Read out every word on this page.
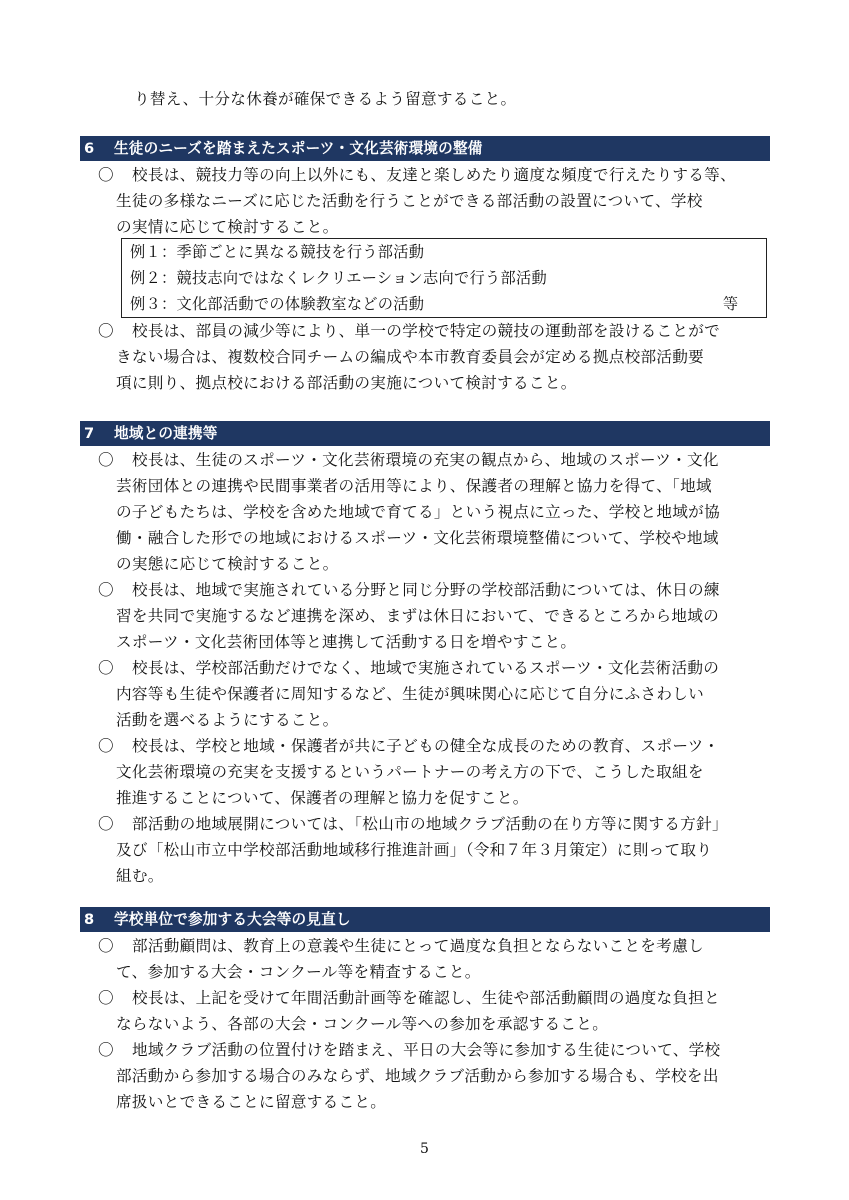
り替え、十分な休養が確保できるよう留意すること。
6 生徒のニーズを踏まえたスポーツ・文化芸術環境の整備
〇 校長は、競技力等の向上以外にも、友達と楽しめたり適度な頻度で行えたりする等、
生徒の多様なニーズに応じた活動を行うことができる部活動の設置について、学校
の実情に応じて検討すること。
例１：季節ごとに異なる競技を行う部活動
例２：競技志向ではなくレクリエーション志向で行う部活動
例３：文化部活動での体験教室などの活動	等
〇 校長は、部員の減少等により、単一の学校で特定の競技の運動部を設けることがで
きない場合は、複数校合同チームの編成や本市教育委員会が定める拠点校部活動要
項に則り、拠点校における部活動の実施について検討すること。
7 地域との連携等
〇 校長は、生徒のスポーツ・文化芸術環境の充実の観点から、地域のスポーツ・文化
芸術団体との連携や民間事業者の活用等により、保護者の理解と協力を得て、「地域
の子どもたちは、学校を含めた地域で育てる」という視点に立った、学校と地域が協
働・融合した形での地域におけるスポーツ・文化芸術環境整備について、学校や地域
の実態に応じて検討すること。
〇 校長は、地域で実施されている分野と同じ分野の学校部活動については、休日の練
習を共同で実施するなど連携を深め、まずは休日において、できるところから地域の
スポーツ・文化芸術団体等と連携して活動する日を増やすこと。
〇 校長は、学校部活動だけでなく、地域で実施されているスポーツ・文化芸術活動の
内容等も生徒や保護者に周知するなど、生徒が興味関心に応じて自分にふさわしい
活動を選べるようにすること。
〇 校長は、学校と地域・保護者が共に子どもの健全な成長のための教育、スポーツ・
文化芸術環境の充実を支援するというパートナーの考え方の下で、こうした取組を
推進することについて、保護者の理解と協力を促すこと。
〇 部活動の地域展開については、「松山市の地域クラブ活動の在り方等に関する方針」
及び「松山市立中学校部活動地域移行推進計画」（令和７年３月策定）に則って取り
組む。
8 学校単位で参加する大会等の見直し
〇 部活動顧問は、教育上の意義や生徒にとって過度な負担とならないことを考慮し
て、参加する大会・コンクール等を精査すること。
〇 校長は、上記を受けて年間活動計画等を確認し、生徒や部活動顧問の過度な負担と
ならないよう、各部の大会・コンクール等への参加を承認すること。
〇 地域クラブ活動の位置付けを踏まえ、平日の大会等に参加する生徒について、学校
部活動から参加する場合のみならず、地域クラブ活動から参加する場合も、学校を出
席扱いとできることに留意すること。
5
